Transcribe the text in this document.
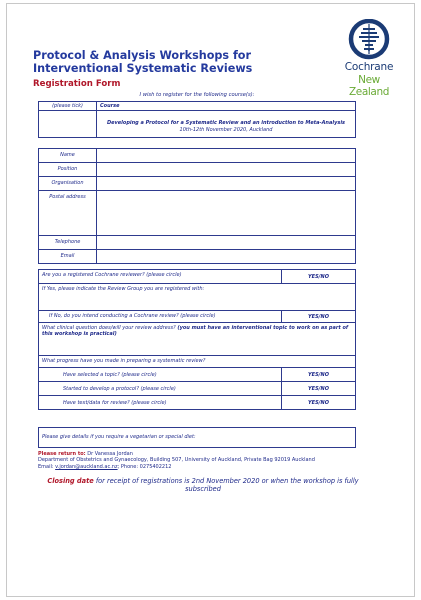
Protocol & Analysis Workshops for
Interventional Systematic Reviews
Registration Form
Cochrane
New Zealand
I wish to register for the following course(s):
(please tick)	Course
	Developing a Protocol for a Systematic Review and an introduction to Meta-Analysis
10th-12th November 2020, Auckland
Name	
Position	
Organisation	
Postal address	
Telephone	
Email	
Are you a registered Cochrane reviewer? (please circle)	YES/NO
If Yes, please indicate the Review Group you are registered with:	
If No, do you intend conducting a Cochrane review? (please circle)	YES/NO
What clinical question does/will your review address? (you must have an interventional topic to work on as part of this workshop is practical)	
What progress have you made in preparing a systematic review?	
Have selected a topic? (please circle)	YES/NO
Started to develop a protocol? (please circle)	YES/NO
Have text/data for review? (please circle)	YES/NO
Please give details if you require a vegetarian or special diet:
Please return to: Dr Vanessa Jordan
Department of Obstetrics and Gynaecology, Building 507, University of Auckland, Private Bag 92019 Auckland
Email: v.jordan@auckland.ac.nz; Phone: 0275402212
Closing date for receipt of registrations is 2nd November 2020 or when the workshop is fully subscribed
